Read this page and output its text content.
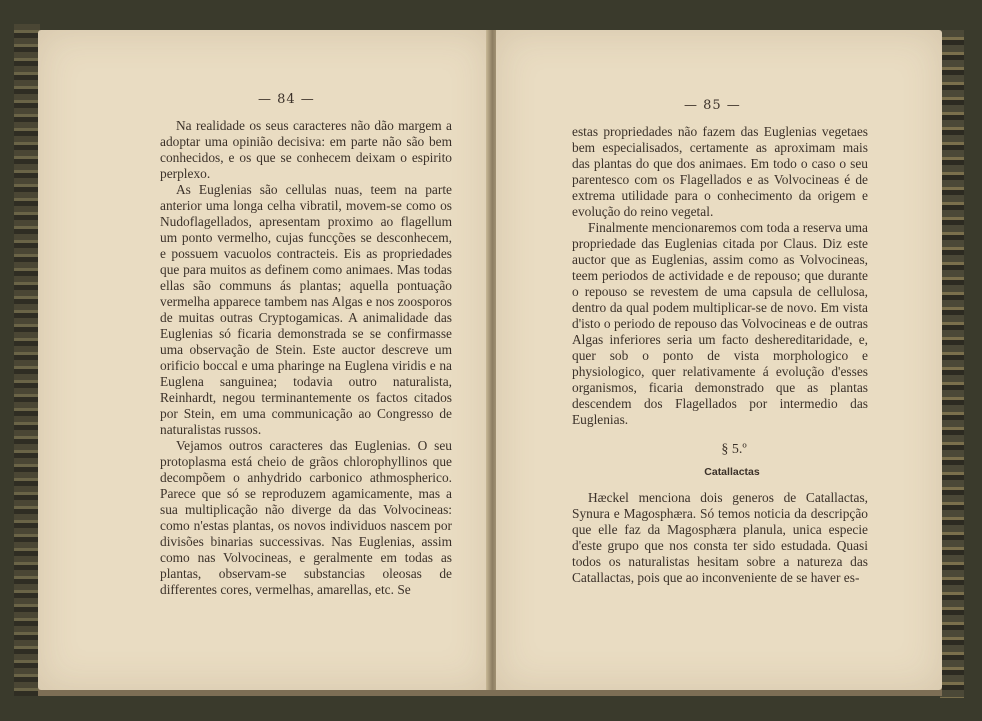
— 84 —

Na realidade os seus caracteres não dão margem a adoptar uma opinião decisiva: em parte não são bem conhecidos, e os que se conhecem deixam o espirito perplexo.

As Euglenias são cellulas nuas, teem na parte anterior uma longa celha vibratil, movem-se como os Nudoflagellados, apresentam proximo ao flagellum um ponto vermelho, cujas funcções se desconhecem, e possuem vacuolos contracteis. Eis as propriedades que para muitos as definem como animaes. Mas todas ellas são communs ás plantas; aquella pontuação vermelha apparece tambem nas Algas e nos zoosporos de muitas outras Cryptogamicas. A animalidade das Euglenias só ficaria demonstrada se se confirmasse uma observação de Stein. Este auctor descreve um orificio boccal e uma pharinge na Euglena viridis e na Euglena sanguinea; todavia outro naturalista, Reinhardt, negou terminantemente os factos citados por Stein, em uma communicação ao Congresso de naturalistas russos.

Vejamos outros caracteres das Euglenias. O seu protoplasma está cheio de grãos chlorophyllinos que decompõem o anhydrido carbonico athmospherico. Parece que só se reproduzem agamicamente, mas a sua multiplicação não diverge da das Volvocineas: como n'estas plantas, os novos individuos nascem por divisões binarias successivas. Nas Euglenias, assim como nas Volvocineas, e geralmente em todas as plantas, observam-se substancias oleosas de differentes cores, vermelhas, amarellas, etc. Se

— 85 —

estas propriedades não fazem das Euglenias vegetaes bem especialisados, certamente as aproximam mais das plantas do que dos animaes. Em todo o caso o seu parentesco com os Flagellados e as Volvocineas é de extrema utilidade para o conhecimento da origem e evolução do reino vegetal.

Finalmente mencionaremos com toda a reserva uma propriedade das Euglenias citada por Claus. Diz este auctor que as Euglenias, assim como as Volvocineas, teem periodos de actividade e de repouso; que durante o repouso se revestem de uma capsula de cellulosa, dentro da qual podem multiplicar-se de novo. Em vista d'isto o periodo de repouso das Volvocineas e de outras Algas inferiores seria um facto deshereditaridade, e, quer sob o ponto de vista morphologico e physiologico, quer relativamente á evolução d'esses organismos, ficaria demonstrado que as plantas descendem dos Flagellados por intermedio das Euglenias.

§ 5.º
Catallactas

Hæckel menciona dois generos de Catallactas, Synura e Magosphæra. Só temos noticia da descripção que elle faz da Magosphæra planula, unica especie d'este grupo que nos consta ter sido estudada. Quasi todos os naturalistas hesitam sobre a natureza das Catallactas, pois que ao inconveniente de se haver es-
